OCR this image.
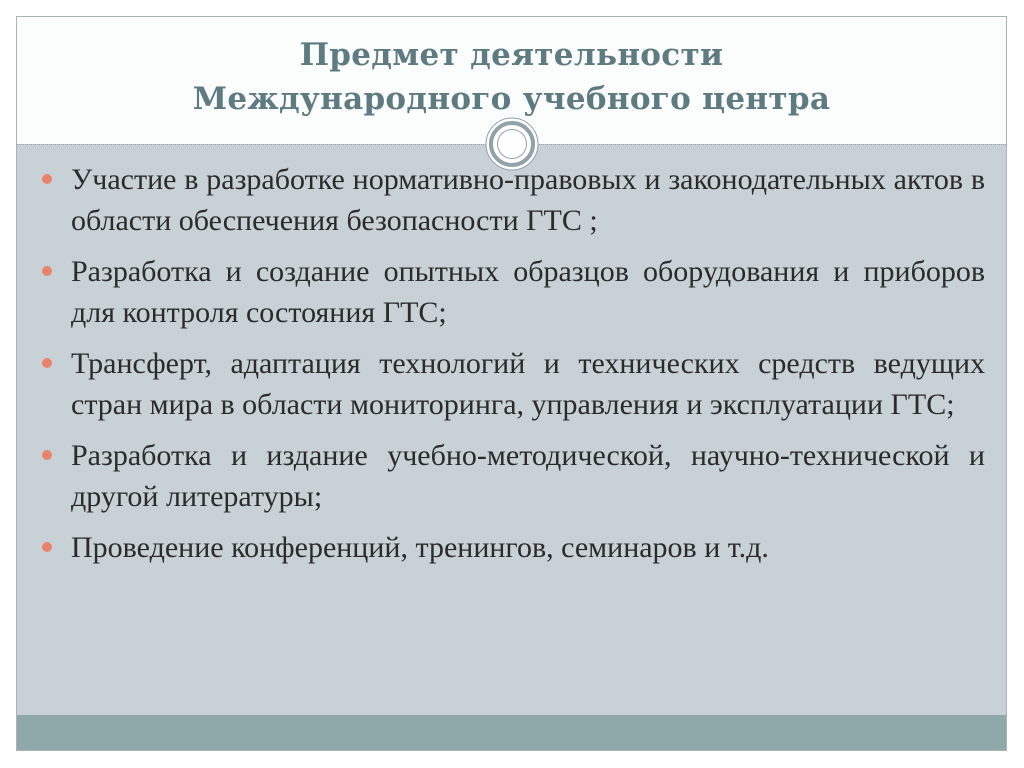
Предмет деятельности
Международного учебного центра
Участие в разработке нормативно-правовых и законодательных актов в области обеспечения безопасности ГТС ;
Разработка и создание опытных образцов оборудования и приборов для контроля состояния ГТС;
Трансферт, адаптация технологий и технических средств ведущих стран мира в области мониторинга, управления и эксплуатации ГТС;
Разработка и издание учебно-методической, научно-технической и другой литературы;
Проведение конференций, тренингов, семинаров и т.д.
